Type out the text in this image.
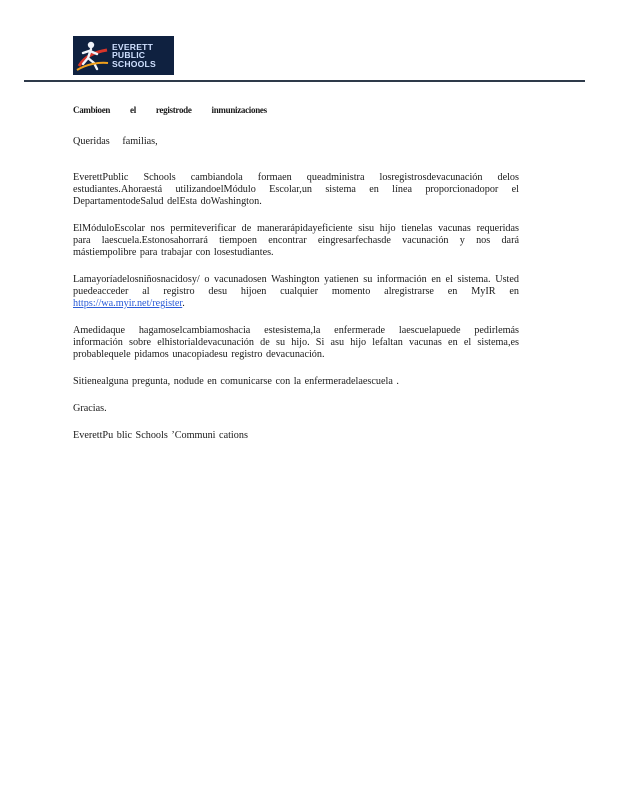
EVERETT
PUBLIC
SCHOOLS
Cambioen el registrode inmunizaciones
Queridas familias,

EverettPublic Schools cambiandola formaen queadministra losregistrosdevacunación delos estudiantes.Ahoraestá utilizandoelMódulo Escolar,un sistema en línea proporcionadopor el DepartamentodeSalud delEsta doWashington.

ElMóduloEscolar nos permiteverificar de manerarápidayeficiente sisu hijo tienelas vacunas requeridas para laescuela.Estonosahorrará tiempoen encontrar eingresarfechasde vacunación y nos dará mástiempolibre para trabajar con losestudiantes.

Lamayoríadelosniñosnacidosy/ o vacunadosen Washington yatienen su información en el sistema. Usted puedeacceder al registro desu hijoen cualquier momento alregistrarse en MyIR en https://wa.myir.net/register.

Amedidaque hagamoselcambiamoshacia estesistema,la enfermerade laescuelapuede pedirlemás información sobre elhistorialdevacunación de su hijo. Si asu hijo lefaltan vacunas en el sistema,es probablequele pidamos unacopiadesu registro devacunación.

Sitienealguna pregunta, nodude en comunicarse con la enfermeradelaescuela .

Gracias.

EverettPu blic Schools ’Communi cations
